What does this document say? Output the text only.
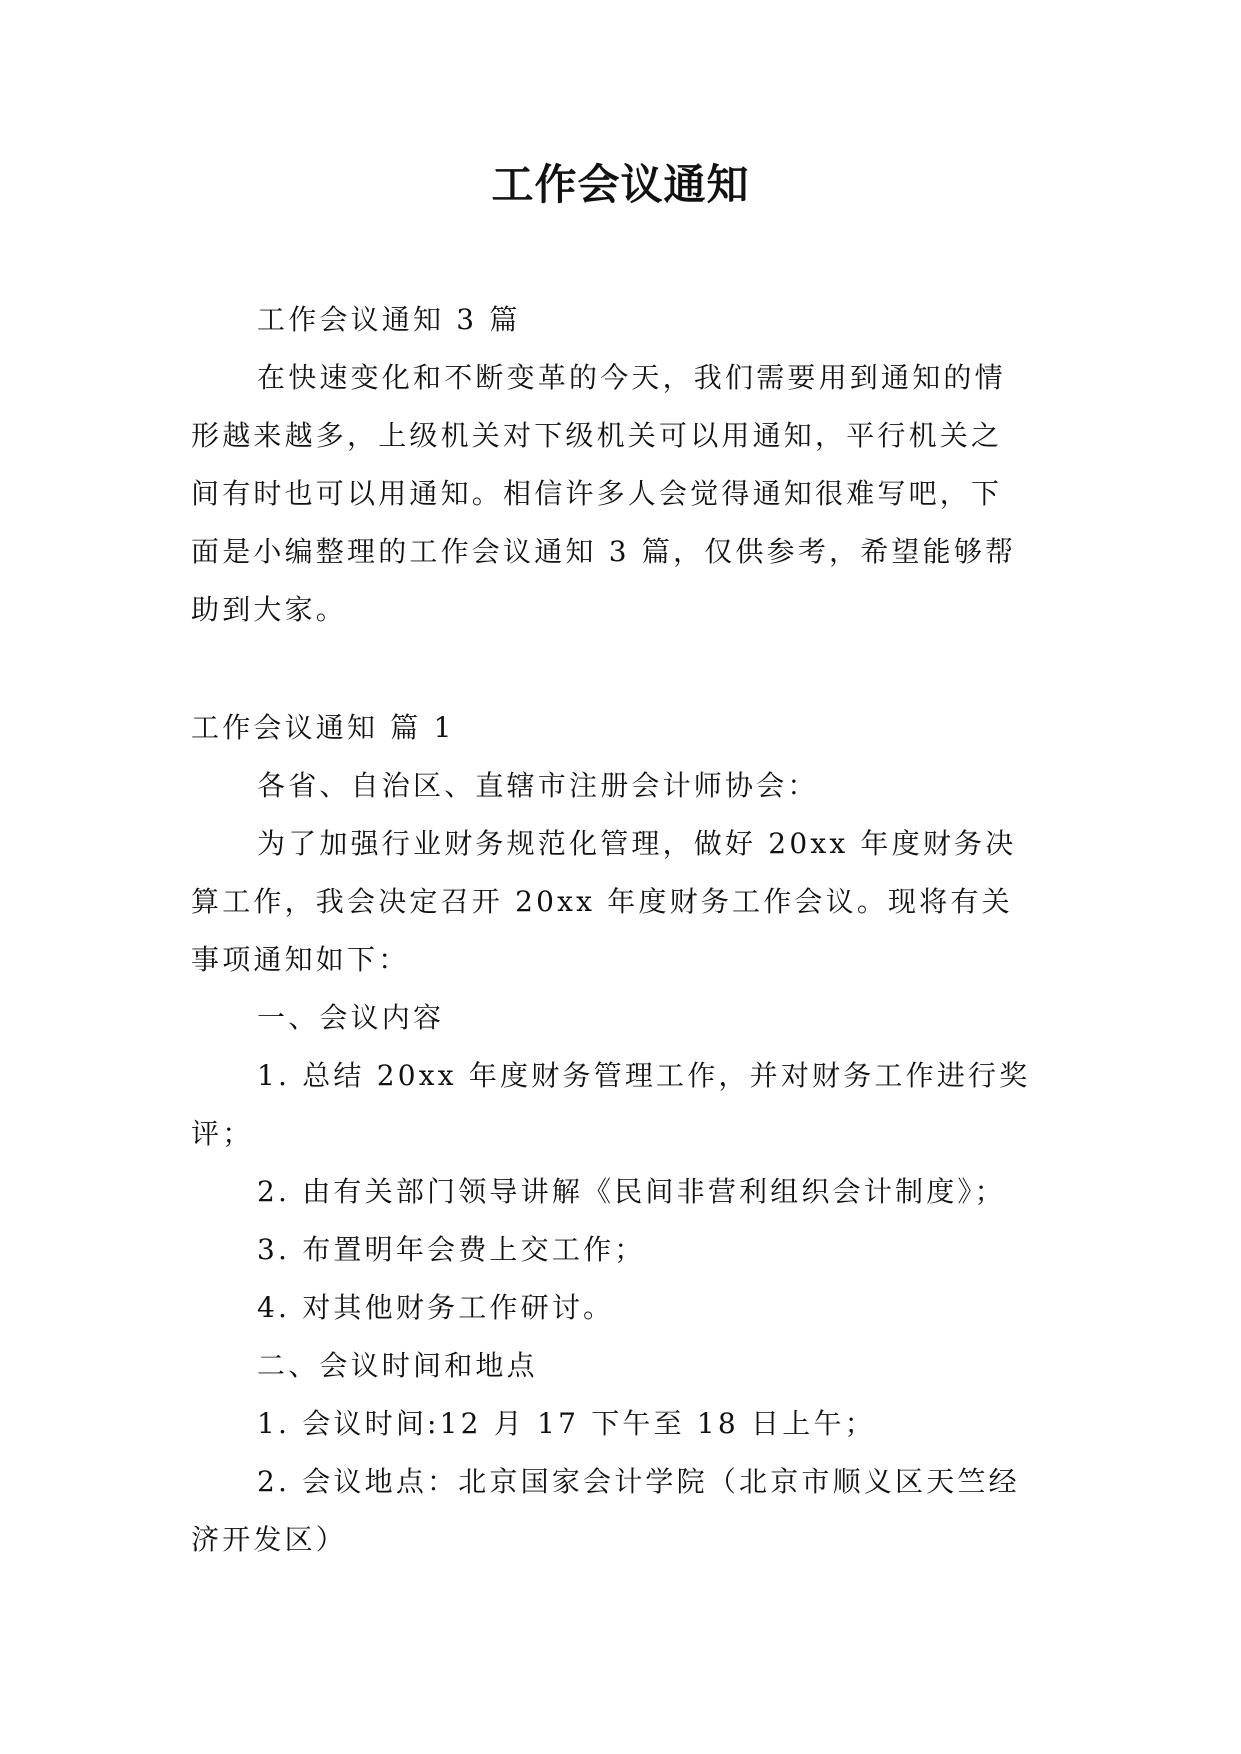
工作会议通知
工作会议通知 3 篇
在快速变化和不断变革的今天，我们需要用到通知的情
形越来越多，上级机关对下级机关可以用通知，平行机关之
间有时也可以用通知。相信许多人会觉得通知很难写吧，下
面是小编整理的工作会议通知 3 篇，仅供参考，希望能够帮
助到大家。
工作会议通知 篇 1
各省、自治区、直辖市注册会计师协会：
为了加强行业财务规范化管理，做好 20xx 年度财务决
算工作，我会决定召开 20xx 年度财务工作会议。现将有关
事项通知如下：
一、会议内容
1. 总结 20xx 年度财务管理工作，并对财务工作进行奖
评；
2. 由有关部门领导讲解《民间非营利组织会计制度》；
3. 布置明年会费上交工作；
4. 对其他财务工作研讨。
二、会议时间和地点
1. 会议时间:12 月 17 下午至 18 日上午；
2. 会议地点：北京国家会计学院（北京市顺义区天竺经
济开发区）
